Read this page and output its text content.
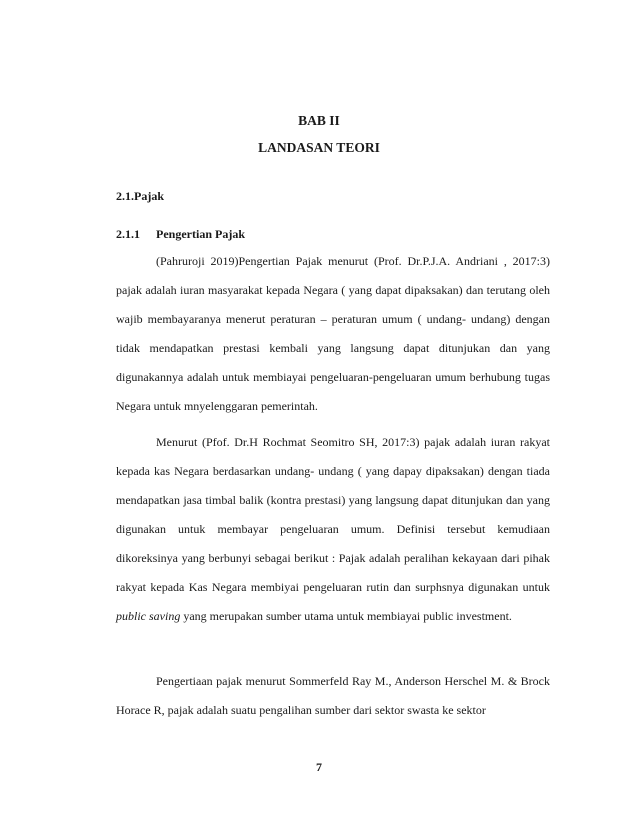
BAB II
LANDASAN TEORI
2.1.Pajak
2.1.1 Pengertian Pajak

(Pahruroji 2019)Pengertian Pajak menurut (Prof. Dr.P.J.A. Andriani , 2017:3) pajak adalah iuran masyarakat kepada Negara ( yang dapat dipaksakan) dan terutang oleh wajib membayaranya menerut peraturan – peraturan umum ( undang- undang) dengan tidak mendapatkan prestasi kembali yang langsung dapat ditunjukan dan yang digunakannya adalah untuk membiayai pengeluaran-pengeluaran umum berhubung tugas Negara untuk mnyelenggaran pemerintah.

Menurut (Pfof. Dr.H Rochmat Seomitro SH, 2017:3) pajak adalah iuran rakyat kepada kas Negara berdasarkan undang- undang ( yang dapay dipaksakan) dengan tiada mendapatkan jasa timbal balik (kontra prestasi) yang langsung dapat ditunjukan dan yang digunakan untuk membayar pengeluaran umum. Definisi tersebut kemudiaan dikoreksinya yang berbunyi sebagai berikut : Pajak adalah peralihan kekayaan dari pihak rakyat kepada Kas Negara membiyai pengeluaran rutin dan surphsnya digunakan untuk public saving yang merupakan sumber utama untuk membiayai public investment.

Pengertiaan pajak menurut Sommerfeld Ray M., Anderson Herschel M. & Brock Horace R, pajak adalah suatu pengalihan sumber dari sektor swasta ke sektor

7
